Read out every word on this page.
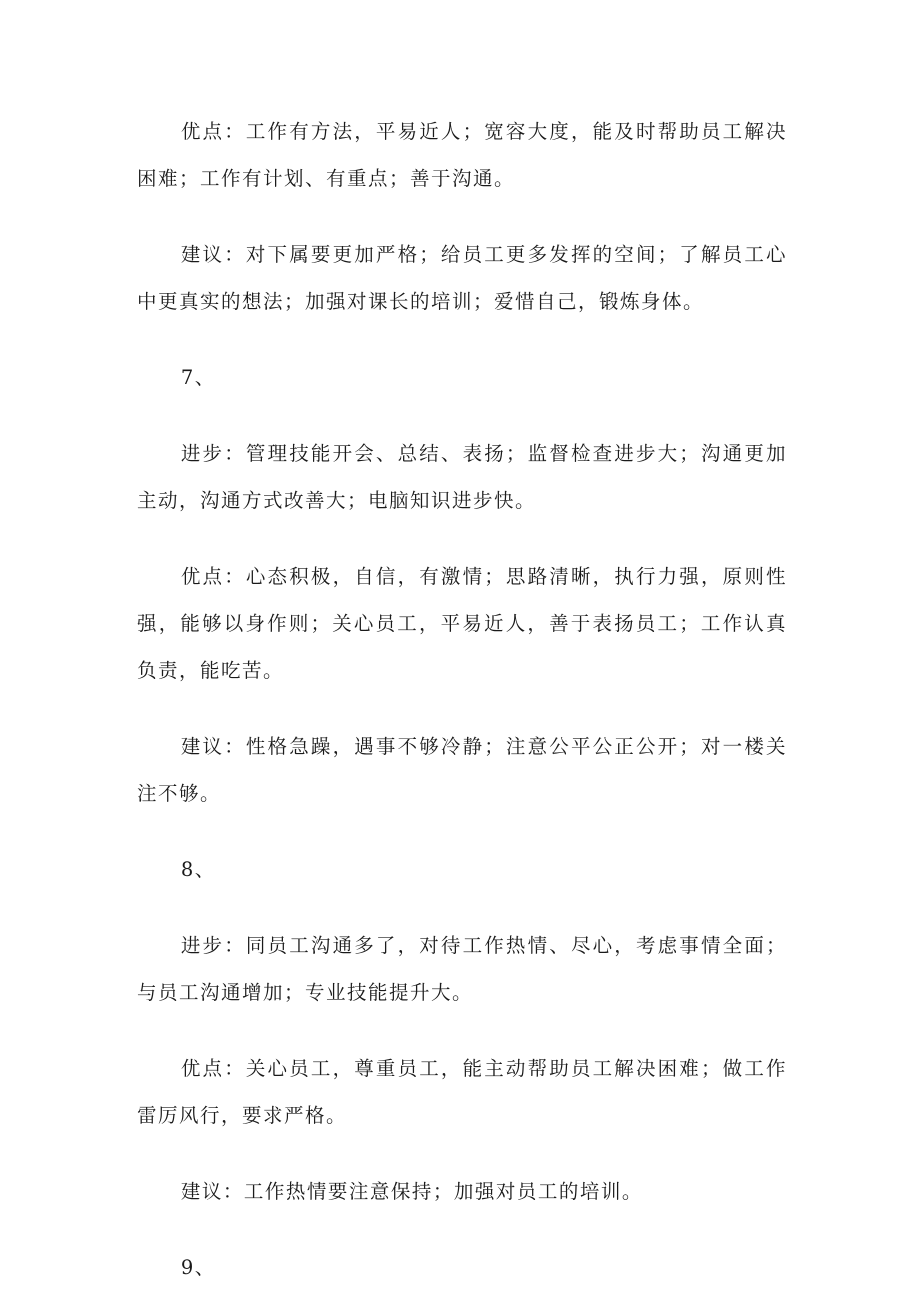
优点：工作有方法，平易近人；宽容大度，能及时帮助员工解决困难；工作有计划、有重点；善于沟通。

建议：对下属要更加严格；给员工更多发挥的空间；了解员工心中更真实的想法；加强对课长的培训；爱惜自己，锻炼身体。

7、

进步：管理技能开会、总结、表扬；监督检查进步大；沟通更加主动，沟通方式改善大；电脑知识进步快。

优点：心态积极，自信，有激情；思路清晰，执行力强，原则性强，能够以身作则；关心员工，平易近人，善于表扬员工；工作认真负责，能吃苦。

建议：性格急躁，遇事不够冷静；注意公平公正公开；对一楼关注不够。

8、

进步：同员工沟通多了，对待工作热情、尽心，考虑事情全面；与员工沟通增加；专业技能提升大。

优点：关心员工，尊重员工，能主动帮助员工解决困难；做工作雷厉风行，要求严格。

建议：工作热情要注意保持；加强对员工的培训。

9、
